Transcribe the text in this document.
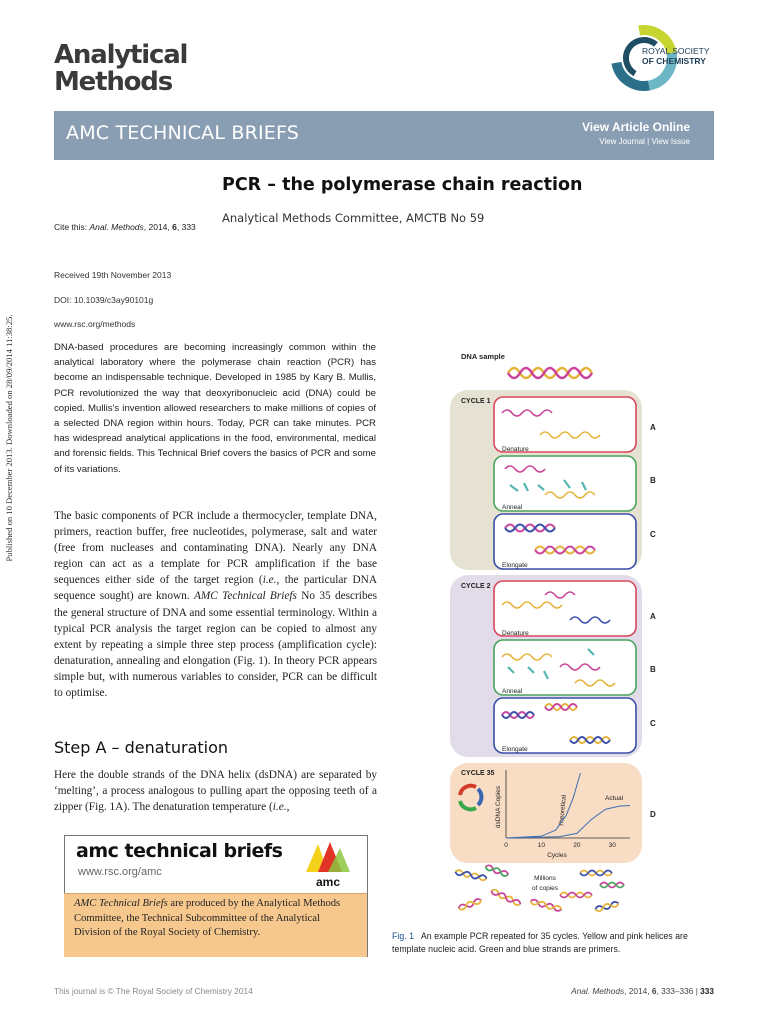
Analytical
Methods
ROYAL SOCIETY
OF CHEMISTRY
AMC TECHNICAL BRIEFS	View Article Online
View Journal | View Issue
PCR – the polymerase chain reaction
Analytical Methods Committee, AMCTB No 59
Cite this: Anal. Methods, 2014, 6, 333
Published on 10 December 2013. Downloaded on 28/09/2014 11:38:25.
Received 19th November 2013
DOI: 10.1039/c3ay90101g
www.rsc.org/methods
DNA-based procedures are becoming increasingly common within the analytical laboratory where the polymerase chain reaction (PCR) has become an indispensable technique. Developed in 1985 by Kary B. Mullis, PCR revolutionized the way that deoxyribonucleic acid (DNA) could be copied. Mullis's invention allowed researchers to make millions of copies of a selected DNA region within hours. Today, PCR can take minutes. PCR has widespread analytical applications in the food, environmental, medical and forensic fields. This Technical Brief covers the basics of PCR and some of its variations.
The basic components of PCR include a thermocycler, template DNA, primers, reaction buffer, free nucleotides, polymerase, salt and water (free from nucleases and contaminating DNA). Nearly any DNA region can act as a template for PCR amplification if the base sequences either side of the target region (i.e., the particular DNA sequence sought) are known. AMC Technical Briefs No 35 describes the general structure of DNA and some essential terminology. Within a typical PCR analysis the target region can be copied to almost any extent by repeating a simple three step process (amplification cycle): denaturation, annealing and elongation (Fig. 1). In theory PCR appears simple but, with numerous variables to consider, PCR can be difficult to optimise.
Step A – denaturation
Here the double strands of the DNA helix (dsDNA) are separated by ‘melting’, a process analogous to pulling apart the opposing teeth of a zipper (Fig. 1A). The denaturation temperature (i.e.,
amc technical briefs
www.rsc.org/amc
amc
AMC Technical Briefs are produced by the Analytical Methods Committee, the Technical Subcommittee of the Analytical Division of the Royal Society of Chemistry.
DNA sample
CYCLE 1
Denature
A
Anneal
B
Elongate
C
CYCLE 2
Denature
A
Anneal
B
Elongate
C
CYCLE 35
dsDNA Copies
Cycles
Theoretical	Actual
0	10	20	30
D
Millions
of copies
Fig. 1 An example PCR repeated for 35 cycles. Yellow and pink helices are template nucleic acid. Green and blue strands are primers.
This journal is © The Royal Society of Chemistry 2014	Anal. Methods, 2014, 6, 333–336 | 333
